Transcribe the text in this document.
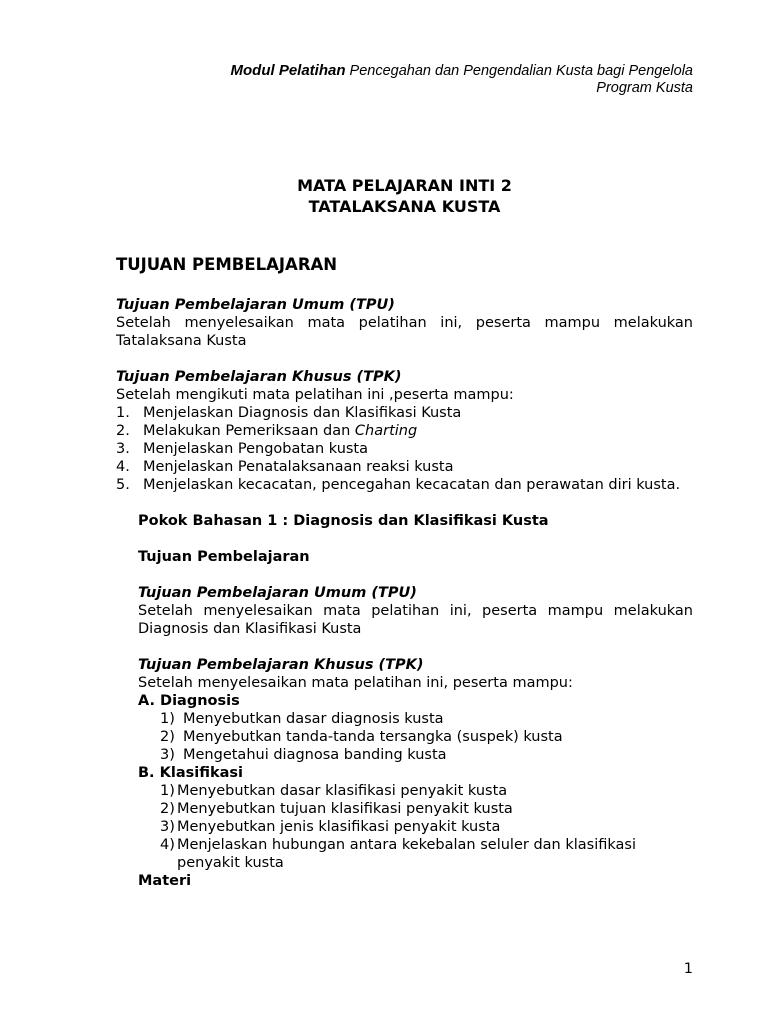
Modul Pelatihan Pencegahan dan Pengendalian Kusta bagi Pengelola
Program Kusta
MATA PELAJARAN INTI 2
TATALAKSANA KUSTA
TUJUAN PEMBELAJARAN
Tujuan Pembelajaran Umum (TPU)
Setelah menyelesaikan mata pelatihan ini, peserta mampu melakukan Tatalaksana Kusta
Tujuan Pembelajaran Khusus (TPK)
Setelah mengikuti mata pelatihan ini ,peserta mampu:
1. Menjelaskan Diagnosis dan Klasifikasi Kusta
2. Melakukan Pemeriksaan dan Charting
3. Menjelaskan Pengobatan kusta
4. Menjelaskan Penatalaksanaan reaksi kusta
5. Menjelaskan kecacatan, pencegahan kecacatan dan perawatan diri kusta.
Pokok Bahasan 1 : Diagnosis dan Klasifikasi Kusta
Tujuan Pembelajaran
Tujuan Pembelajaran Umum (TPU)
Setelah menyelesaikan mata pelatihan ini, peserta mampu melakukan Diagnosis dan Klasifikasi Kusta
Tujuan Pembelajaran Khusus (TPK)
Setelah menyelesaikan mata pelatihan ini, peserta mampu:
A. Diagnosis
1) Menyebutkan dasar diagnosis kusta
2) Menyebutkan tanda-tanda tersangka (suspek) kusta
3) Mengetahui diagnosa banding kusta
B. Klasifikasi
1) Menyebutkan dasar klasifikasi penyakit kusta
2) Menyebutkan tujuan klasifikasi penyakit kusta
3) Menyebutkan jenis klasifikasi penyakit kusta
4) Menjelaskan hubungan antara kekebalan seluler dan klasifikasi penyakit kusta
Materi
1
